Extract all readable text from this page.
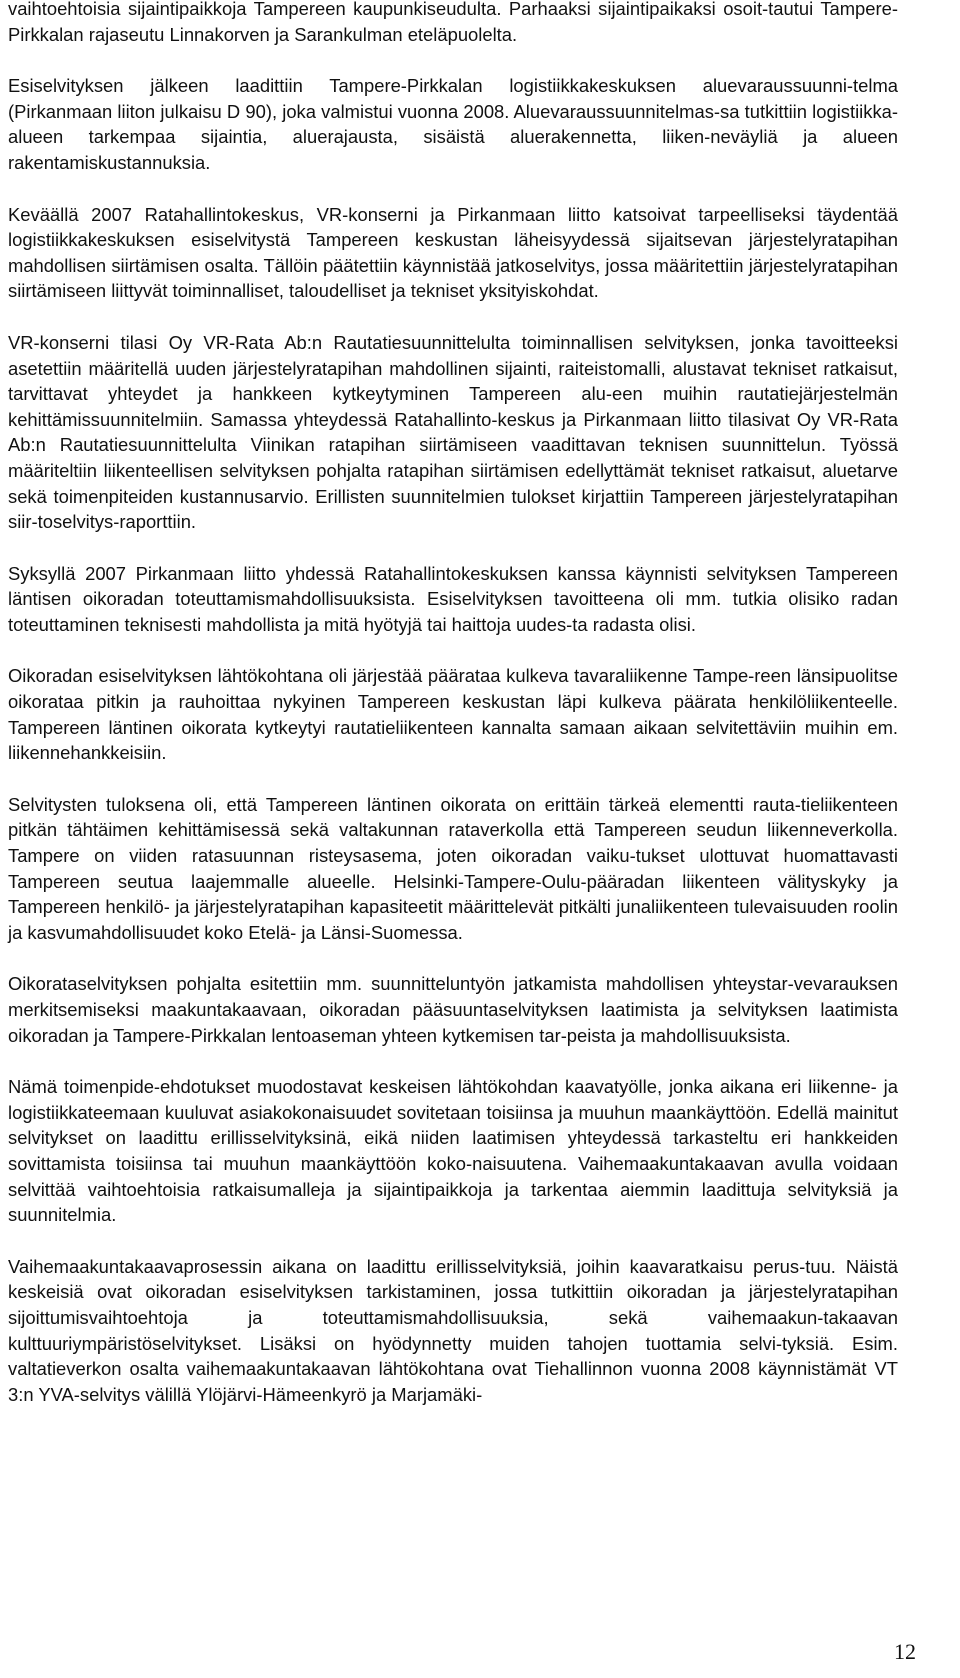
vaihtoehtoisia sijaintipaikkoja Tampereen kaupunkiseudulta. Parhaaksi sijaintipaikaksi osoit-tautui Tampere-Pirkkalan rajaseutu Linnakorven ja Sarankulman eteläpuolelta.

Esiselvityksen jälkeen laadittiin Tampere-Pirkkalan logistiikkakeskuksen aluevaraussuunni-telma (Pirkanmaan liiton julkaisu D 90), joka valmistui vuonna 2008. Aluevaraussuunnitelmas-sa tutkittiin logistiikka-alueen tarkempaa sijaintia, aluerajausta, sisäistä aluerakennetta, liiken-neväyliä ja alueen rakentamiskustannuksia.

Keväällä 2007 Ratahallintokeskus, VR-konserni ja Pirkanmaan liitto katsoivat tarpeelliseksi täydentää logistiikkakeskuksen esiselvitystä Tampereen keskustan läheisyydessä sijaitsevan järjestelyratapihan mahdollisen siirtämisen osalta. Tällöin päätettiin käynnistää jatkoselvitys, jossa määritettiin järjestelyratapihan siirtämiseen liittyvät toiminnalliset, taloudelliset ja tekniset yksityiskohdat.

VR-konserni tilasi Oy VR-Rata Ab:n Rautatiesuunnittelulta toiminnallisen selvityksen, jonka tavoitteeksi asetettiin määritellä uuden järjestelyratapihan mahdollinen sijainti, raiteistomalli, alustavat tekniset ratkaisut, tarvittavat yhteydet ja hankkeen kytkeytyminen Tampereen alu-een muihin rautatiejärjestelmän kehittämissuunnitelmiin. Samassa yhteydessä Ratahallinto-keskus ja Pirkanmaan liitto tilasivat Oy VR-Rata Ab:n Rautatiesuunnittelulta Viinikan ratapihan siirtämiseen vaadittavan teknisen suunnittelun. Työssä määriteltiin liikenteellisen selvityksen pohjalta ratapihan siirtämisen edellyttämät tekniset ratkaisut, aluetarve sekä toimenpiteiden kustannusarvio. Erillisten suunnitelmien tulokset kirjattiin Tampereen järjestelyratapihan siir-toselvitys-raporttiin.

Syksyllä 2007 Pirkanmaan liitto yhdessä Ratahallintokeskuksen kanssa käynnisti selvityksen Tampereen läntisen oikoradan toteuttamismahdollisuuksista. Esiselvityksen tavoitteena oli mm. tutkia olisiko radan toteuttaminen teknisesti mahdollista ja mitä hyötyjä tai haittoja uudes-ta radasta olisi.

Oikoradan esiselvityksen lähtökohtana oli järjestää päärataa kulkeva tavaraliikenne Tampe-reen länsipuolitse oikorataa pitkin ja rauhoittaa nykyinen Tampereen keskustan läpi kulkeva päärata henkilöliikenteelle. Tampereen läntinen oikorata kytkeytyi rautatieliikenteen kannalta samaan aikaan selvitettäviin muihin em. liikennehankkeisiin.

Selvitysten tuloksena oli, että Tampereen läntinen oikorata on erittäin tärkeä elementti rauta-tieliikenteen pitkän tähtäimen kehittämisessä sekä valtakunnan rataverkolla että Tampereen seudun liikenneverkolla. Tampere on viiden ratasuunnan risteysasema, joten oikoradan vaiku-tukset ulottuvat huomattavasti Tampereen seutua laajemmalle alueelle. Helsinki-Tampere-Oulu-pääradan liikenteen välityskyky ja Tampereen henkilö- ja järjestelyratapihan kapasiteetit määrittelevät pitkälti junaliikenteen tulevaisuuden roolin ja kasvumahdollisuudet koko Etelä- ja Länsi-Suomessa.

Oikorataselvityksen pohjalta esitettiin mm. suunnitteluntyön jatkamista mahdollisen yhteystar-vevarauksen merkitsemiseksi maakuntakaavaan, oikoradan pääsuuntaselvityksen laatimista ja selvityksen laatimista oikoradan ja Tampere-Pirkkalan lentoaseman yhteen kytkemisen tar-peista ja mahdollisuuksista.

Nämä toimenpide-ehdotukset muodostavat keskeisen lähtökohdan kaavatyölle, jonka aikana eri liikenne- ja logistiikkateemaan kuuluvat asiakokonaisuudet sovitetaan toisiinsa ja muuhun maankäyttöön. Edellä mainitut selvitykset on laadittu erillisselvityksinä, eikä niiden laatimisen yhteydessä tarkasteltu eri hankkeiden sovittamista toisiinsa tai muuhun maankäyttöön koko-naisuutena. Vaihemaakuntakaavan avulla voidaan selvittää vaihtoehtoisia ratkaisumalleja ja sijaintipaikkoja ja tarkentaa aiemmin laadittuja selvityksiä ja suunnitelmia.

Vaihemaakuntakaavaprosessin aikana on laadittu erillisselvityksiä, joihin kaavaratkaisu perus-tuu. Näistä keskeisiä ovat oikoradan esiselvityksen tarkistaminen, jossa tutkittiin oikoradan ja järjestelyratapihan sijoittumisvaihtoehtoja ja toteuttamismahdollisuuksia, sekä vaihemaakun-takaavan kulttuuriympäristöselvitykset. Lisäksi on hyödynnetty muiden tahojen tuottamia selvi-tyksiä. Esim. valtatieverkon osalta vaihemaakuntakaavan lähtökohtana ovat Tiehallinnon vuonna 2008 käynnistämät VT 3:n YVA-selvitys välillä Ylöjärvi-Hämeenkyrö ja Marjamäki-

12
